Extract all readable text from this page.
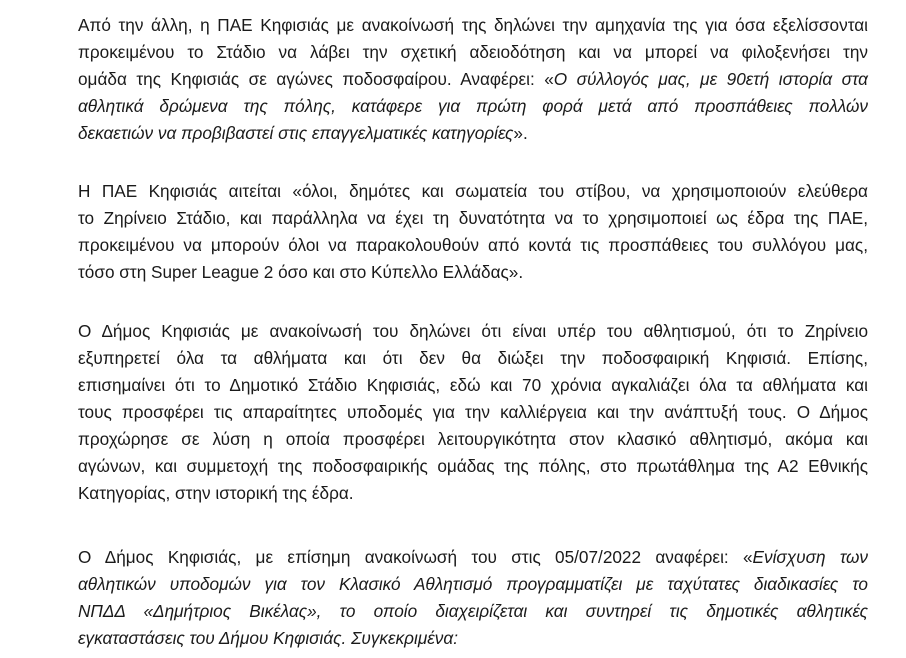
Από την άλλη, η ΠΑΕ Κηφισιάς με ανακοίνωσή της δηλώνει την αμηχανία της για όσα εξελίσσονται
προκειμένου το Στάδιο να λάβει την σχετική αδειοδότηση και να μπορεί να φιλοξενήσει την
ομάδα της Κηφισιάς σε αγώνες ποδοσφαίρου. Αναφέρει: «Ο σύλλογός μας, με 90ετή ιστορία στα
αθλητικά δρώμενα της πόλης, κατάφερε για πρώτη φορά μετά από προσπάθειες πολλών
δεκαετιών να προβιβαστεί στις επαγγελματικές κατηγορίες».
Η ΠΑΕ Κηφισιάς αιτείται «όλοι, δημότες και σωματεία του στίβου, να χρησιμοποιούν ελεύθερα
το Ζηρίνειο Στάδιο, και παράλληλα να έχει τη δυνατότητα να το χρησιμοποιεί ως έδρα της ΠΑΕ,
προκειμένου να μπορούν όλοι να παρακολουθούν από κοντά τις προσπάθειες του συλλόγου μας,
τόσο στη Super League 2 όσο και στο Κύπελλο Ελλάδας».
Ο Δήμος Κηφισιάς με ανακοίνωσή του δηλώνει ότι είναι υπέρ του αθλητισμού, ότι το Ζηρίνειο
εξυπηρετεί όλα τα αθλήματα και ότι δεν θα διώξει την ποδοσφαιρική Κηφισιά. Επίσης,
επισημαίνει ότι το Δημοτικό Στάδιο Κηφισιάς, εδώ και 70 χρόνια αγκαλιάζει όλα τα αθλήματα και
τους προσφέρει τις απαραίτητες υποδομές για την καλλιέργεια και την ανάπτυξή τους. Ο Δήμος
προχώρησε σε λύση η οποία προσφέρει λειτουργικότητα στον κλασικό αθλητισμό, ακόμα και
αγώνων, και συμμετοχή της ποδοσφαιρικής ομάδας της πόλης, στο πρωτάθλημα της Α2 Εθνικής
Κατηγορίας, στην ιστορική της έδρα.
Ο Δήμος Κηφισιάς, με επίσημη ανακοίνωσή του στις 05/07/2022 αναφέρει: «Ενίσχυση των
αθλητικών υποδομών για τον Κλασικό Αθλητισμό προγραμματίζει με ταχύτατες διαδικασίες το
ΝΠΔΔ «Δημήτριος Βικέλας», το οποίο διαχειρίζεται και συντηρεί τις δημοτικές αθλητικές
εγκαταστάσεις του Δήμου Κηφισιάς. Συγκεκριμένα:
